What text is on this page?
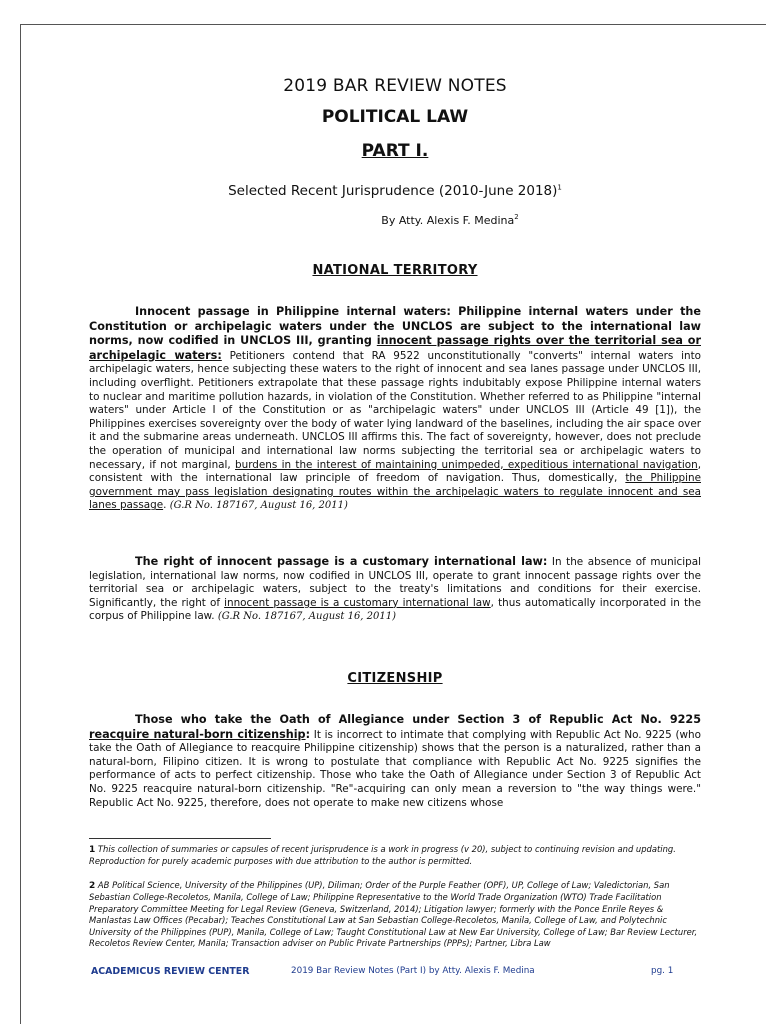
2019 BAR REVIEW NOTES
POLITICAL LAW
PART I.
Selected Recent Jurisprudence (2010-June 2018)$^1$
By Atty. Alexis F. Medina$^2$
NATIONAL TERRITORY
Innocent passage in Philippine internal waters: Philippine internal waters under the Constitution or archipelagic waters under the UNCLOS are subject to the international law norms, now codified in UNCLOS III, granting innocent passage rights over the territorial sea or archipelagic waters: Petitioners contend that RA 9522 unconstitutionally "converts" internal waters into archipelagic waters, hence subjecting these waters to the right of innocent and sea lanes passage under UNCLOS III, including overflight. Petitioners extrapolate that these passage rights indubitably expose Philippine internal waters to nuclear and maritime pollution hazards, in violation of the Constitution. Whether referred to as Philippine "internal waters" under Article I of the Constitution or as "archipelagic waters" under UNCLOS III (Article 49 [1]), the Philippines exercises sovereignty over the body of water lying landward of the baselines, including the air space over it and the submarine areas underneath. UNCLOS III affirms this. The fact of sovereignty, however, does not preclude the operation of municipal and international law norms subjecting the territorial sea or archipelagic waters to necessary, if not marginal, burdens in the interest of maintaining unimpeded, expeditious international navigation, consistent with the international law principle of freedom of navigation. Thus, domestically, the Philippine government may pass legislation designating routes within the archipelagic waters to regulate innocent and sea lanes passage. (G.R No. 187167, August 16, 2011)
The right of innocent passage is a customary international law: In the absence of municipal legislation, international law norms, now codified in UNCLOS III, operate to grant innocent passage rights over the territorial sea or archipelagic waters, subject to the treaty's limitations and conditions for their exercise. Significantly, the right of innocent passage is a customary international law, thus automatically incorporated in the corpus of Philippine law. (G.R No. 187167, August 16, 2011)
CITIZENSHIP
Those who take the Oath of Allegiance under Section 3 of Republic Act No. 9225 reacquire natural-born citizenship: It is incorrect to intimate that complying with Republic Act No. 9225 (who take the Oath of Allegiance to reacquire Philippine citizenship) shows that the person is a naturalized, rather than a natural-born, Filipino citizen. It is wrong to postulate that compliance with Republic Act No. 9225 signifies the performance of acts to perfect citizenship. Those who take the Oath of Allegiance under Section 3 of Republic Act No. 9225 reacquire natural-born citizenship. "Re"-acquiring can only mean a reversion to "the way things were." Republic Act No. 9225, therefore, does not operate to make new citizens whose
1 This collection of summaries or capsules of recent jurisprudence is a work in progress (v 20), subject to continuing revision and updating. Reproduction for purely academic purposes with due attribution to the author is permitted.
2 AB Political Science, University of the Philippines (UP), Diliman; Order of the Purple Feather (OPF), UP, College of Law; Valedictorian, San Sebastian College-Recoletos, Manila, College of Law; Philippine Representative to the World Trade Organization (WTO) Trade Facilitation Preparatory Committee Meeting for Legal Review (Geneva, Switzerland, 2014); Litigation lawyer; formerly with the Ponce Enrile Reyes & Manlastas Law Offices (Pecabar); Teaches Constitutional Law at San Sebastian College-Recoletos, Manila, College of Law, and Polytechnic University of the Philippines (PUP), Manila, College of Law; Taught Constitutional Law at New Ear University, College of Law; Bar Review Lecturer, Recoletos Review Center, Manila; Transaction adviser on Public Private Partnerships (PPPs); Partner, Libra Law
ACADEMICUS REVIEW CENTER	2019 Bar Review Notes (Part I) by Atty. Alexis F. Medina	pg. 1
